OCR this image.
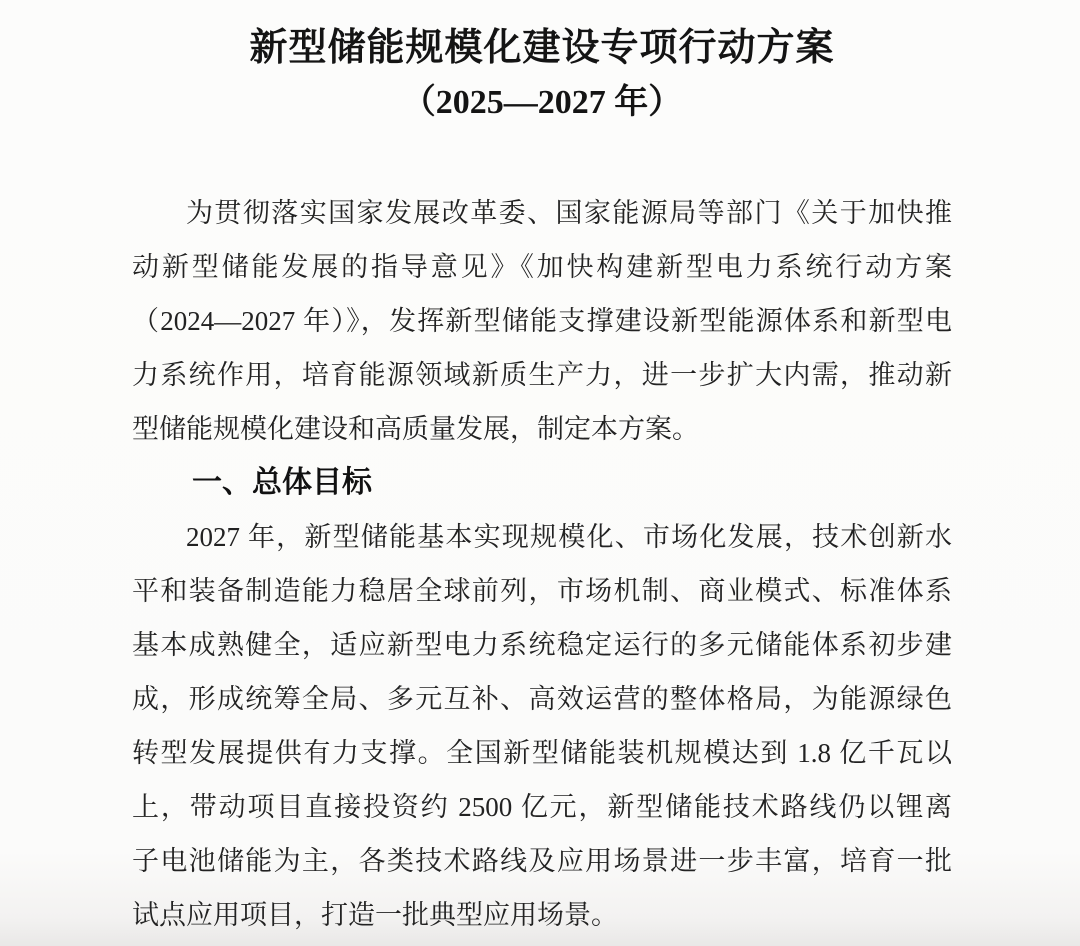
新型储能规模化建设专项行动方案
（2025—2027 年）
为贯彻落实国家发展改革委、国家能源局等部门《关于加快推
动新型储能发展的指导意见》《加快构建新型电力系统行动方案
（2024—2027 年）》，发挥新型储能支撑建设新型能源体系和新型电
力系统作用，培育能源领域新质生产力，进一步扩大内需，推动新
型储能规模化建设和高质量发展，制定本方案。
一、总体目标
2027 年，新型储能基本实现规模化、市场化发展，技术创新水
平和装备制造能力稳居全球前列，市场机制、商业模式、标准体系
基本成熟健全，适应新型电力系统稳定运行的多元储能体系初步建
成，形成统筹全局、多元互补、高效运营的整体格局，为能源绿色
转型发展提供有力支撑。全国新型储能装机规模达到 1.8 亿千瓦以
上，带动项目直接投资约 2500 亿元，新型储能技术路线仍以锂离
子电池储能为主，各类技术路线及应用场景进一步丰富，培育一批
试点应用项目，打造一批典型应用场景。
